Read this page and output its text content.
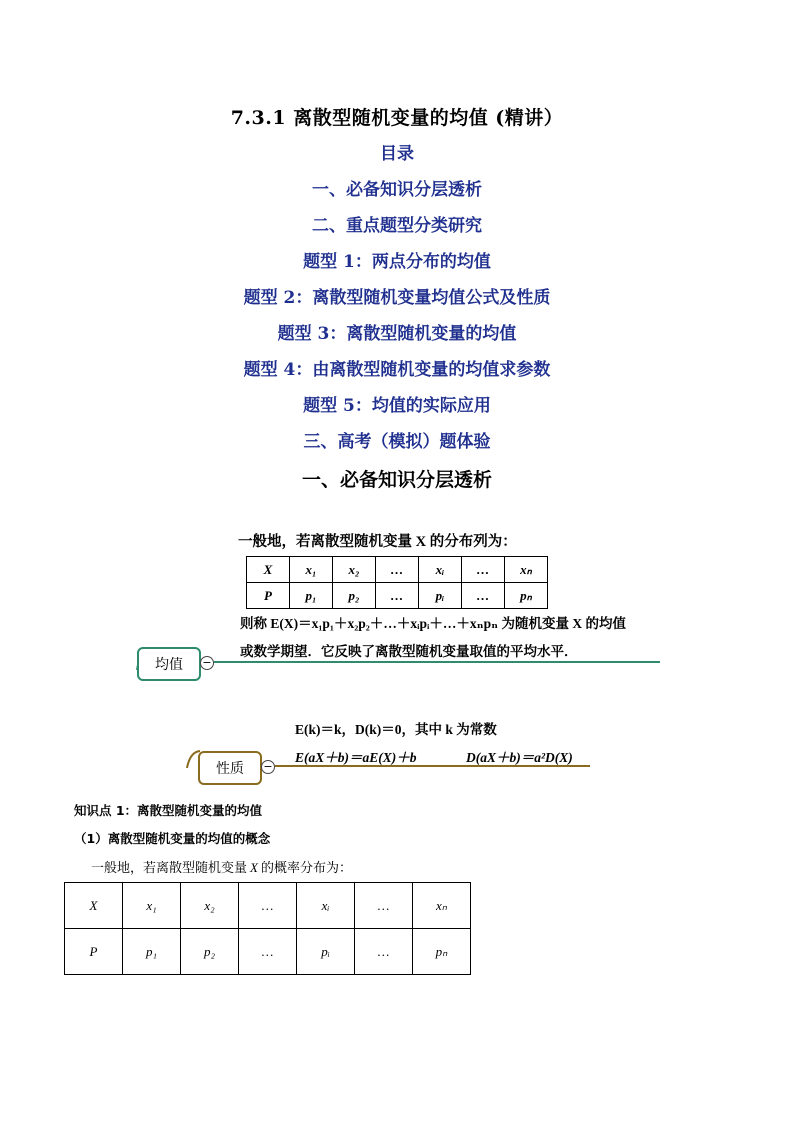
7.3.1 离散型随机变量的均值 (精讲）
目录
一、必备知识分层透析
二、重点题型分类研究
题型 1：两点分布的均值
题型 2：离散型随机变量均值公式及性质
题型 3：离散型随机变量的均值
题型 4：由离散型随机变量的均值求参数
题型 5：均值的实际应用
三、高考（模拟）题体验
一、必备知识分层透析
一般地，若离散型随机变量 X 的分布列为：
X	x₁	x₂	…	xᵢ	…	xₙ
P	p₁	p₂	…	pᵢ	…	pₙ
则称 E(X)＝x₁p₁＋x₂p₂＋…＋xᵢpᵢ＋…＋xₙpₙ 为随机变量 X 的均值
或数学期望．它反映了离散型随机变量取值的平均水平．
均值	−
E(k)＝k，D(k)＝0，其中 k 为常数
E(aX＋b)＝aE(X)＋b	D(aX＋b)＝a²D(X)
性质	−
知识点 1：离散型随机变量的均值
（1）离散型随机变量的均值的概念
一般地，若离散型随机变量 X 的概率分布为：
X	x₁	x₂	…	xᵢ	…	xₙ
P	p₁	p₂	…	pᵢ	…	pₙ
